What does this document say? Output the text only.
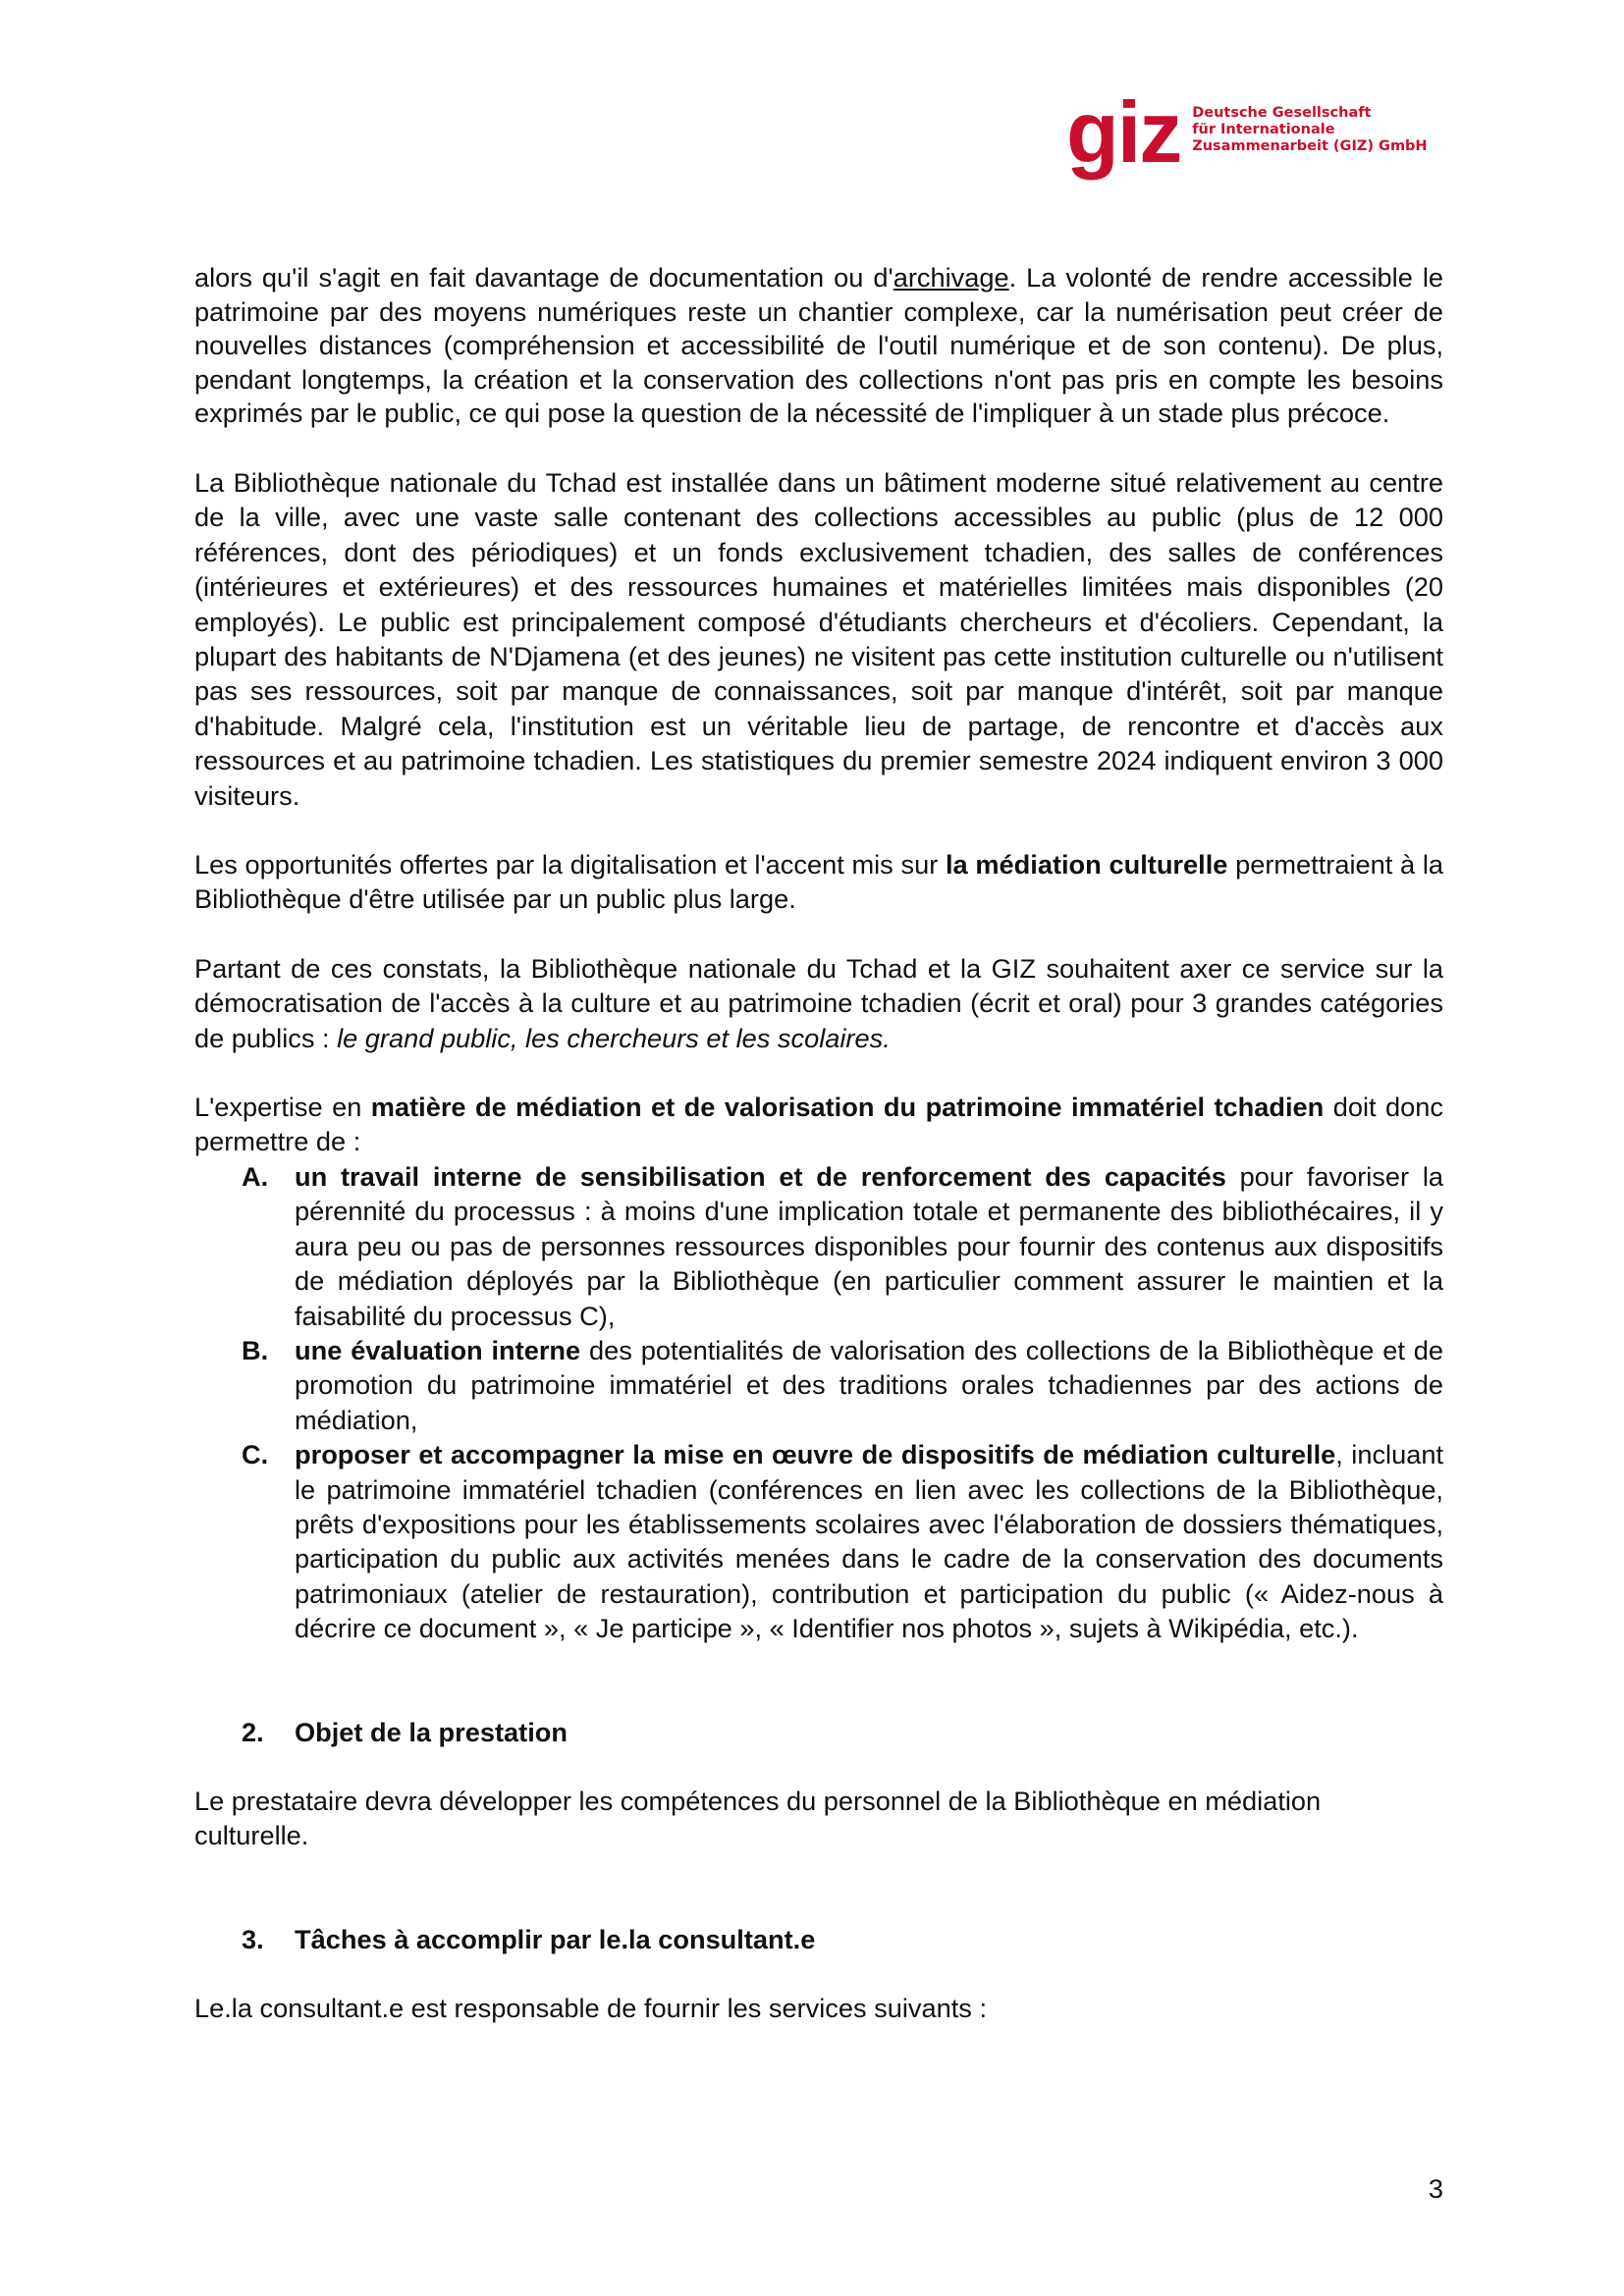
giz Deutsche Gesellschaft
für Internationale
Zusammenarbeit (GIZ) GmbH

alors qu'il s'agit en fait davantage de documentation ou d'archivage. La volonté de rendre accessible le patrimoine par des moyens numériques reste un chantier complexe, car la numérisation peut créer de nouvelles distances (compréhension et accessibilité de l'outil numérique et de son contenu). De plus, pendant longtemps, la création et la conservation des collections n'ont pas pris en compte les besoins exprimés par le public, ce qui pose la question de la nécessité de l'impliquer à un stade plus précoce.

La Bibliothèque nationale du Tchad est installée dans un bâtiment moderne situé relativement au centre de la ville, avec une vaste salle contenant des collections accessibles au public (plus de 12 000 références, dont des périodiques) et un fonds exclusivement tchadien, des salles de conférences (intérieures et extérieures) et des ressources humaines et matérielles limitées mais disponibles (20 employés). Le public est principalement composé d'étudiants chercheurs et d'écoliers. Cependant, la plupart des habitants de N'Djamena (et des jeunes) ne visitent pas cette institution culturelle ou n'utilisent pas ses ressources, soit par manque de connaissances, soit par manque d'intérêt, soit par manque d'habitude. Malgré cela, l'institution est un véritable lieu de partage, de rencontre et d'accès aux ressources et au patrimoine tchadien. Les statistiques du premier semestre 2024 indiquent environ 3 000 visiteurs.

Les opportunités offertes par la digitalisation et l'accent mis sur la médiation culturelle permettraient à la Bibliothèque d'être utilisée par un public plus large.

Partant de ces constats, la Bibliothèque nationale du Tchad et la GIZ souhaitent axer ce service sur la démocratisation de l'accès à la culture et au patrimoine tchadien (écrit et oral) pour 3 grandes catégories de publics : le grand public, les chercheurs et les scolaires.

L'expertise en matière de médiation et de valorisation du patrimoine immatériel tchadien doit donc permettre de :

A. un travail interne de sensibilisation et de renforcement des capacités pour favoriser la pérennité du processus : à moins d'une implication totale et permanente des bibliothécaires, il y aura peu ou pas de personnes ressources disponibles pour fournir des contenus aux dispositifs de médiation déployés par la Bibliothèque (en particulier comment assurer le maintien et la faisabilité du processus C),
B. une évaluation interne des potentialités de valorisation des collections de la Bibliothèque et de promotion du patrimoine immatériel et des traditions orales tchadiennes par des actions de médiation,
C. proposer et accompagner la mise en œuvre de dispositifs de médiation culturelle, incluant le patrimoine immatériel tchadien (conférences en lien avec les collections de la Bibliothèque, prêts d'expositions pour les établissements scolaires avec l'élaboration de dossiers thématiques, participation du public aux activités menées dans le cadre de la conservation des documents patrimoniaux (atelier de restauration), contribution et participation du public (« Aidez-nous à décrire ce document », « Je participe », « Identifier nos photos », sujets à Wikipédia, etc.).
2. Objet de la prestation

Le prestataire devra développer les compétences du personnel de la Bibliothèque en médiation culturelle.

3. Tâches à accomplir par le.la consultant.e

Le.la consultant.e est responsable de fournir les services suivants :

3
